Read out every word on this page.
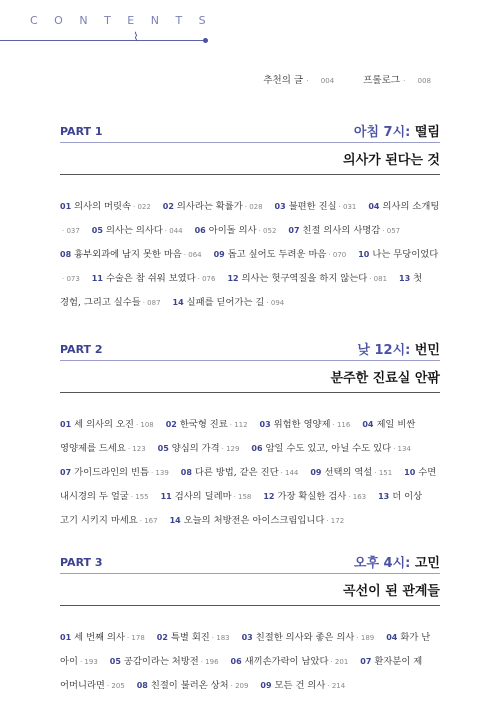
CONTENTS
⌇
추천의 글 · 004	프롤로그 · 008
PART 1	아침 7시: 떨림
의사가 된다는 것
01 의사의 머릿속 · 022 02 의사라는 확률가 · 028 03 불편한 진실 · 031 04 의사의 소개팅· 037 05 의사는 의사다 · 044 06 아이돌 의사 · 052 07 친절 의사의 사명감 · 057 08 흉부외과에 남지 못한 마음 · 064 09 돕고 싶어도 두려운 마음 · 070 10 나는 무당이었다· 073 11 수술은 참 쉬워 보였다 · 076 12 의사는 헛구역질을 하지 않는다 · 081 13 첫 경험, 그리고 실수들 · 087 14 실패를 딛어가는 길 · 094
PART 2	낮 12시: 번민
분주한 진료실 안팎
01 세 의사의 오진 · 108 02 한국형 진료 · 112 03 위험한 영양제 · 116 04 제일 비싼 영양제를 드세요 · 123 05 양심의 가격 · 129 06 암일 수도 있고, 아닐 수도 있다 · 134 07 가이드라인의 빈틈 · 139 08 다른 방법, 같은 진단 · 144 09 선택의 역설 · 151 10 수면 내시경의 두 얼굴 · 155 11 검사의 딜레마 · 158 12 가장 확실한 검사 · 163 13 더 이상 고기 시키지 마세요 · 167 14 오늘의 처방전은 아이스크림입니다 · 172
PART 3	오후 4시: 고민
곡선이 된 관계들
01 세 번째 의사 · 178 02 특별 회진 · 183 03 친절한 의사와 좋은 의사 · 189 04 화가 난 아이 · 193 05 공감이라는 처방전 · 196 06 새끼손가락이 남았다 · 201 07 환자분이 제 어머니라면 · 205 08 친절이 불러온 상처 · 209 09 모든 건 의사 · 214
